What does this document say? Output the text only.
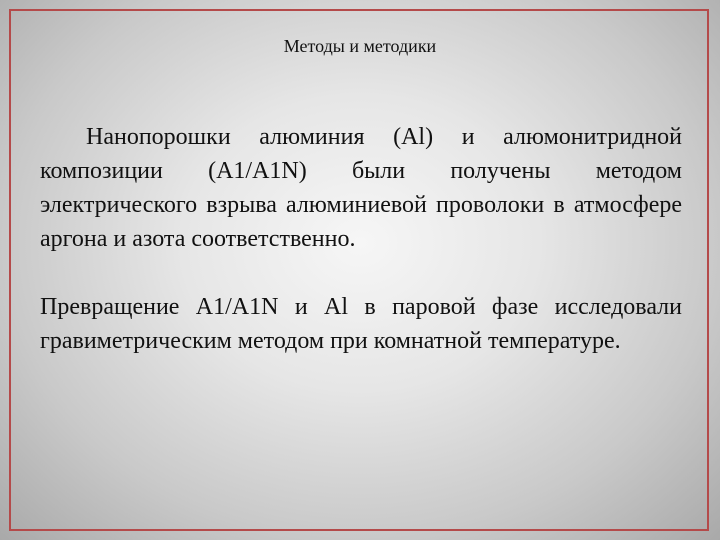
Методы и методики

Нанопорошки алюминия (Al) и алюмонитридной композиции (A1/A1N) были получены методом электрического взрыва алюминиевой проволоки в атмосфере аргона и азота соответственно.

Превращение A1/A1N и Al в паровой фазе исследовали гравиметрическим методом при комнатной температуре.
